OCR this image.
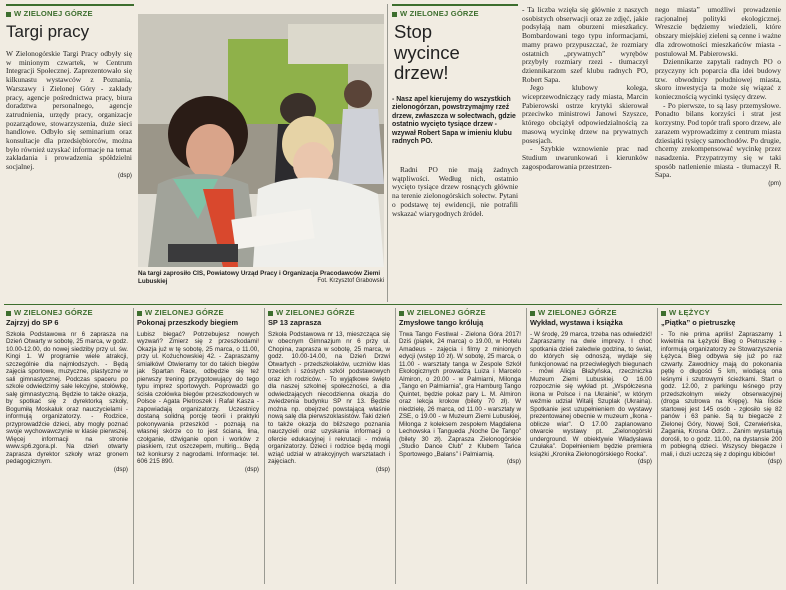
W ZIELONEJ GÓRZE
Targi pracy

W Zielonogórskie Targi Pracy odbyły się w minionym czwartek, w Centrum Integracji Społecznej. Zaprezentowało się kilkunastu wystawców z Poznania, Warszawy i Zielonej Góry - zakłady pracy, agencje pośrednictwa pracy, biura doradztwa personalnego, agencje zatrudnienia, urzędy pracy, organizacje pozarządowe, stowarzyszenia, duże sieci handlowe. Odbyło się seminarium oraz konsultacje dla przedsiębiorców, można było również uzyskać informacje na temat zakładania i prowadzenia spółdzielni socjalnej.

(dsp)

Na targi zaprosiło CIS, Powiatowy Urząd Pracy i Organizacja Pracodawców Ziemi Lubuskiej	Fot. Krzysztof Grabowski
W ZIELONEJ GÓRZE
Stop
wycince
drzew!

- Nasz apel kierujemy do wszystkich zielonogórzan, powstrzymajmy rzeź drzew, zwłaszcza w sołectwach, gdzie ostatnio wycięto tysiące drzew - wzywał Robert Sapa w imieniu klubu radnych PO.

Radni PO nie mają żadnych wątpliwości. Według nich, ostatnio wycięto tysiące drzew rosnących głównie na terenie zielonogórskich sołectw. Pytani o podstawę tej ewidencji, nie potrafili wskazać wiarygodnych źródeł.

- Ta liczba wzięła się głównie z naszych osobistych obserwacji oraz ze zdjęć, jakie podsyłają nam oburzeni mieszkańcy. Bombardowani tego typu informacjami, mamy prawo przypuszczać, że rozmiary ostatnich „prywatnych” wyrębów przybyły rozmiary rzezi - tłumaczył dziennikarzom szef klubu radnych PO, Robert Sapa.

Jego klubowy kolega, wiceprzewodniczący rady miasta, Marcin Pabierowski ostrze krytyki skierował przeciwko ministrowi Janowi Szyszce, którego obciążył odpowiedzialnością za masową wycinkę drzew na prywatnych posesjach.

- Szybkie wznowienie prac nad Studium uwarunkowań i kierunków zagospodarowania przestrzen-

nego miasta” umożliwi prowadzenie racjonalnej polityki ekologicznej. Wreszcie będziemy wiedzieli, które obszary miejskiej zieleni są cenne i ważne dla zdrowotności mieszkańców miasta - postulował M. Pabierowski.

Dziennikarze zapytali radnych PO o przyczyny ich poparcia dla idei budowy tzw. obwodnicy południowej miasta, skoro inwestycja ta może się wiązać z koniecznością wycinki tysięcy drzew.

- Po pierwsze, to są lasy przemysłowe. Ponadto bilans korzyści i strat jest korzystny. Pod topór trafi sporo drzew, ale zarazem wyprowadzimy z centrum miasta dziesiątki tysięcy samochodów. Po drugie, chcemy zrekompensować wycinkę przez nasadzenia. Przypatrzymy się w taki sposób natlenienie miasta - tłumaczył R. Sapa.

(pm)

W ZIELONEJ GÓRZE
Zajrzyj do SP 6

Szkoła Podstawowa nr 6 zaprasza na Dzień Otwarty w sobotę, 25 marca, w godz. 10.00-12.00, do nowej siedziby przy ul. św. Kingi 1. W programie wiele atrakcji, szczególnie dla najmłodszych. - Będą zajęcia sportowe, muzyczne, plastyczne w sali gimnastycznej. Podczas spaceru po szkole odwiedzimy sale lekcyjne, stołówkę, salę gimnastyczną. Będzie to także okazja, by spotkać się z dyrektorką szkoły, Bogumiłą Moskaluk oraz nauczycielami - informują organizatorzy. - Rodzice, przyprowadźcie dzieci, aby mogły poznać swoje wychowawczynie w klasie pierwszej. Więcej informacji na stronie www.sp6.zgora.pl. Na dzień otwarty zaprasza dyrektor szkoły wraz gronem pedagogicznym.

(dsp)

W ZIELONEJ GÓRZE
Pokonaj przeszkody biegiem

Lubisz biegać? Potrzebujesz nowych wyzwań? Zmierz się z przeszkodami! Okazja już w tę sobotę, 25 marca, o 11.00, przy ul. Kożuchowskiej 42. - Zapraszamy śmiałków! Otwieramy tor do takich biegów jak Spartan Race, odbędzie się też pierwszy trening przygotowujący do tego typu imprez sportowych. Poprowadzi go ścisła czołówka biegów przeszkodowych w Polsce - Agata Pietroszek i Rafał Kasza - zapowiadają organizatorzy. Uczestnicy dostaną solidną porcję teorii i praktyki pokonywania przeszkód - poznają na własnej skórze co to jest ściana, lina, czołganie, dźwiganie opon i worków z piaskiem, rzut oszczepem, multirig... Będą też konkursy z nagrodami. Informacje: tel. 606 215 890.

(dsp)

W ZIELONEJ GÓRZE
SP 13 zaprasza

Szkoła Podstawowa nr 13, mieszcząca się w obecnym Gimnazjum nr 6 przy ul. Chopina, zaprasza w sobotę, 25 marca, w godz. 10.00-14.00, na Dzień Drzwi Otwartych - przedszkolaków, uczniów klas trzecich i szóstych szkół podstawowych oraz ich rodziców. - To wyjątkowe święto dla naszej szkolnej społeczności, a dla odwiedzających niecodzienna okazja do zwiedzenia budynku SP nr 13. Będzie można np. obejrzeć powstającą właśnie nową salę dla pierwszoklasistów. Taki dzień to także okazja do bliższego poznania nauczycieli oraz uzyskania informacji o ofercie edukacyjnej i rekrutacji - mówią organizatorzy. Dzieci i rodzice będą mogli wziąć udział w atrakcyjnych warsztatach i zajęciach.

(dsp)

W ZIELONEJ GÓRZE
Zmysłowe tango królują

Trwa Tango Festiwal - Zielona Góra 2017! Dziś (piątek, 24 marca) o 19.00, w Hotelu Amadeus - zajęcia i filmy z minionych edycji (wstęp 10 zł). W sobotę, 25 marca, o 11.00 - warsztaty tanga w Zespole Szkół Ekologicznych prowadzą Luiza i Marcelo Almiron, o 20.00 - w Palmiarni, Milonga „Tango en Palmiarnia”, gra Hamburg Tango Quintet, będzie pokaz pary L. M. Almiron oraz lekcja krokow (bilety 70 zł). W niedzielę, 26 marca, od 11.00 - warsztaty w ZSE, o 19.00 - w Muzeum Ziemi Lubuskiej, Milonga z koleksem zespołem Magdalena Lechowska i Tangueda „Noche De Tango” (bilety 30 zł). Zaprasza Zielonogórskie „Studio Dance Club” z Klubem Tańca Sportowego „Balans” i Palmiarnią.

(dsp)

W ZIELONEJ GÓRZE
Wykład, wystawa i książka

- W środę, 29 marca, trzeba nas odwiedzić! Zapraszamy na dwie imprezy. I choć spotkania dzieli zaledwie godzina, to świat, do których się odnoszą, wydaje się funkcjonować na przeciwległych biegunach - mówi Alicja Błażyńska, rzeczniczka Muzeum Ziemi Lubuskiej. O 16.00 rozpocznie się wykład pt. „Współczesna ikona w Polsce i na Ukrainie”, w którym weźmie udział Witalij Szuplak (Ukraina). Spotkanie jest uzupełnieniem do wystawy prezentowanej obecnie w muzeum „Ikona - oblicze wiar”. O 17.00 zaplanowano otwarcie wystawy pt. „Zielonogórski underground. W obiektywie Władysława Czułaka”. Dopełnieniem będzie premiera książki „Kronika Zielonogórskiego Rocka”.

(dsp)

W ŁĘŻYCY
„Piątka” o pietruszkę

- To nie prima aprilis! Zapraszamy 1 kwietnia na Łężycki Bieg o Pietruszkę - informują organizatorzy ze Stowarzyszenia Łężyca. Bieg odbywa się już po raz czwarty. Zawodnicy mają do pokonania pętlę o długości 5 km, wiodącą ona leśnymi i szutrowymi ścieżkami. Start o godz. 12.00, z parkingu leśnego przy przedszkolnym wieży obserwacyjnej (droga szutrowa na Krępę). Na liście startowej jest 145 osób - zgłosiło się 82 panów i 63 panie. Są tu biegacze z Zielonej Góry, Nowej Soli, Czerwieńska, Żagania, Krosna Odrz... Zanim wystartują dorośli, to o godz. 11.00, na dystansie 200 m pobiegną dzieci. Wszyscy biegacze i mali, i duzi uczczą się z dopingu kibiców!

(dsp)
